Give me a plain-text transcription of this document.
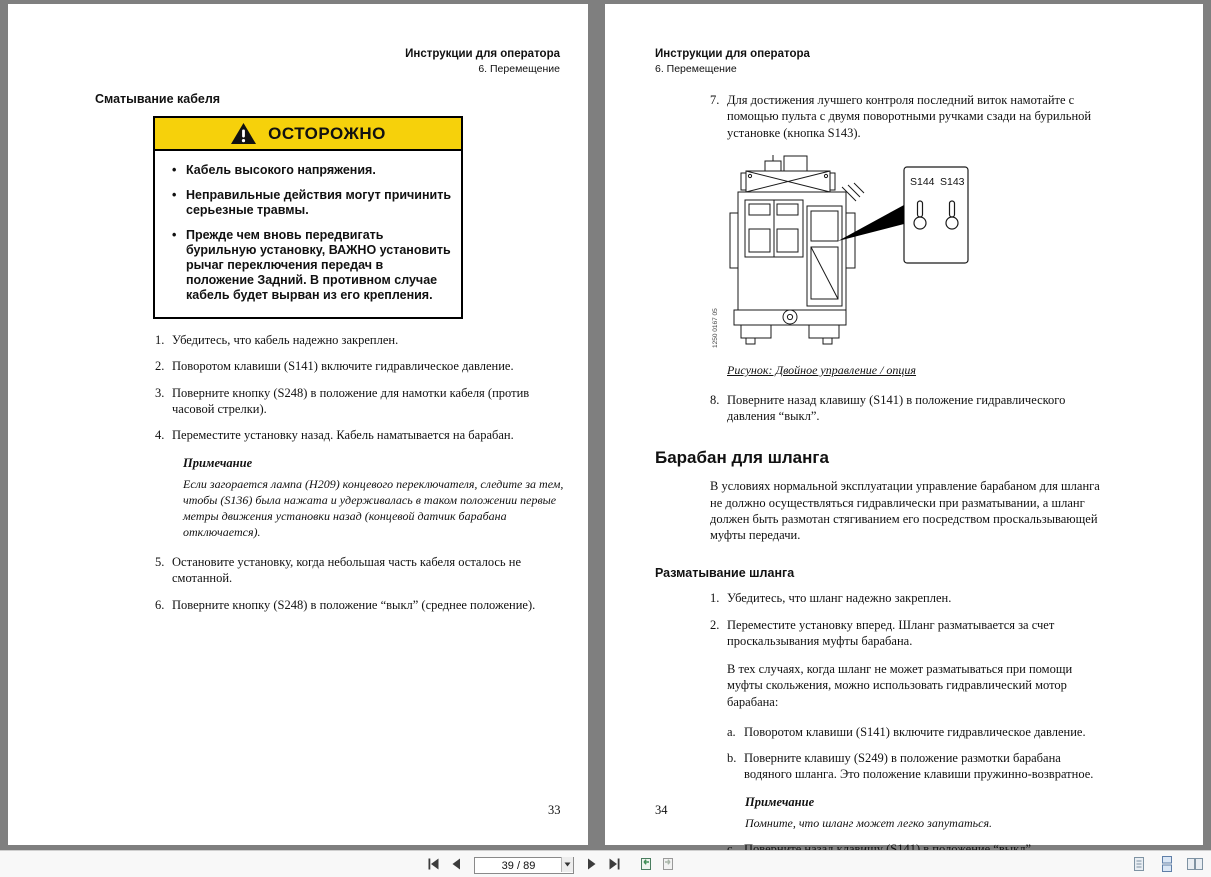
Инструкции для оператора
6. Перемещение
Сматывание кабеля
ОСТОРОЖНО
• Кабель высокого напряжения.
• Неправильные действия могут причинить серьезные травмы.
• Прежде чем вновь передвигать бурильную установку, ВАЖНО установить рычаг переключения передач в положение Задний. В противном случае кабель будет вырван из его крепления.
1. Убедитесь, что кабель надежно закреплен.
2. Поворотом клавиши (S141) включите гидравлическое давление.
3. Поверните кнопку (S248) в положение для намотки кабеля (против часовой стрелки).
4. Переместите установку назад. Кабель наматывается на барабан.
Примечание
Если загорается лампа (H209) концевого переключателя, следите за тем, чтобы (S136) была нажата и удерживалась в таком положении первые метры движения установки назад (концевой датчик барабана отключается).
5. Остановите установку, когда небольшая часть кабеля осталось не смотанной.
6. Поверните кнопку (S248) в положение “выкл” (среднее положение).
33
Инструкции для оператора
6. Перемещение
7. Для достижения лучшего контроля последний виток намотайте с помощью пульта с двумя поворотными ручками сзади на бурильной установке (кнопка S143).
S144 S143
1250 0167 05
Рисунок: Двойное управление / опция
8. Поверните назад клавишу (S141) в положение гидравлического давления “выкл”.
Барабан для шланга
В условиях нормальной эксплуатации управление барабаном для шланга не должно осуществляться гидравлически при разматывании, а шланг должен быть размотан стягиванием его посредством проскальзывающей муфты передачи.
Разматывание шланга
1. Убедитесь, что шланг надежно закреплен.
2. Переместите установку вперед. Шланг разматывается за счет проскальзывания муфты барабана.
В тех случаях, когда шланг не может разматываться при помощи муфты скольжения, можно использовать гидравлический мотор барабана:
a. Поворотом клавиши (S141) включите гидравлическое давление.
b. Поверните клавишу (S249) в положение размотки барабана водяного шланга. Это положение клавиши пружинно-возвратное.
Примечание
Помните, что шланг может легко запутаться.
34
39 / 89
